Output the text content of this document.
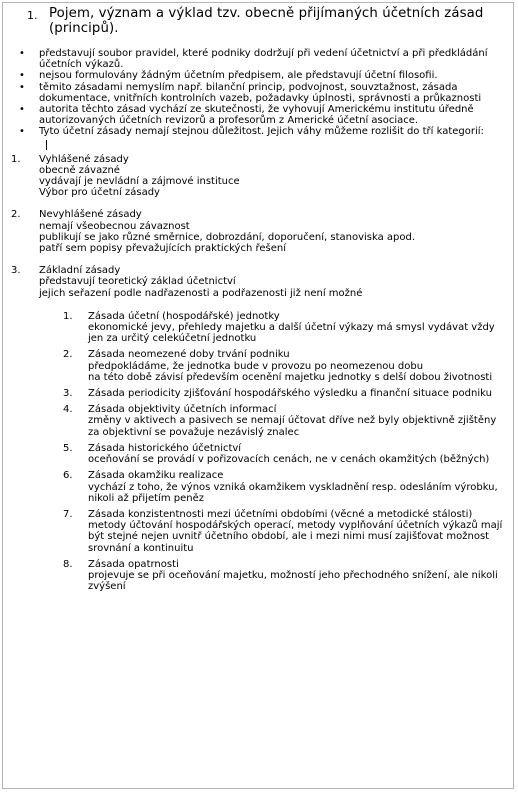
1. Pojem, význam a výklad tzv. obecně přijímaných účetních zásad (principů).
•	představují soubor pravidel, které podniky dodržují při vedení účetnictví a při předkládání účetních výkazů.
•	nejsou formulovány žádným účetním předpisem, ale představují účetní filosofii.
•	těmito zásadami nemyslím např. bilanční princip, podvojnost, souvztažnost, zásada dokumentace, vnitřních kontrolních vazeb, požadavky úplnosti, správnosti a průkaznosti
•	autorita těchto zásad vychází ze skutečnosti, že vyhovují Americkému institutu úředně autorizovaných účetních revizorů a profesorům z Americké účetní asociace.
•	Tyto účetní zásady nemají stejnou důležitost. Jejich váhy můžeme rozlišit do tří kategorií:
1.	Vyhlášené zásady
obecně závazné
vydávají je nevládní a zájmové instituce
Výbor pro účetní zásady
2.	Nevyhlášené zásady
nemají všeobecnou závaznost
publikují se jako různé směrnice, dobrozdání, doporučení, stanoviska apod.
patří sem popisy převažujících praktických řešení
3.	Základní zásady
představují teoretický základ účetnictví
jejich seřazení podle nadřazenosti a podřazenosti již není možné
1.	Zásada účetní (hospodářské) jednotky
ekonomické jevy, přehledy majetku a další účetní výkazy má smysl vydávat vždy jen za určitý celekúčetní jednotku
2.	Zásada neomezené doby trvání podniku
předpokládáme, že jednotka bude v provozu po neomezenou dobu
na této době závisí především ocenění majetku jednotky s delší dobou životnosti
3.	Zásada periodicity zjišťování hospodářského výsledku a finanční situace podniku
4.	Zásada objektivity účetních informací
změny v aktivech a pasivech se nemají účtovat dříve než byly objektivně zjištěny
za objektivní se považuje nezávislý znalec
5.	Zásada historického účetnictví
oceňování se provádí v pořizovacích cenách, ne v cenách okamžitých (běžných)
6.	Zásada okamžiku realizace
vychází z toho, že výnos vzniká okamžikem vyskladnění resp. odesláním výrobku, nikoli až přijetím peněz
7.	Zásada konzistentnosti mezi účetními obdobími (věcné a metodické stálosti)
metody účtování hospodářských operací, metody vyplňování účetních výkazů mají být stejné nejen uvnitř účetního období, ale i mezi nimi musí zajišťovat možnost srovnání a kontinuitu
8.	Zásada opatrnosti
projevuje se při oceňování majetku, možností jeho přechodného snížení, ale nikoli zvýšení
